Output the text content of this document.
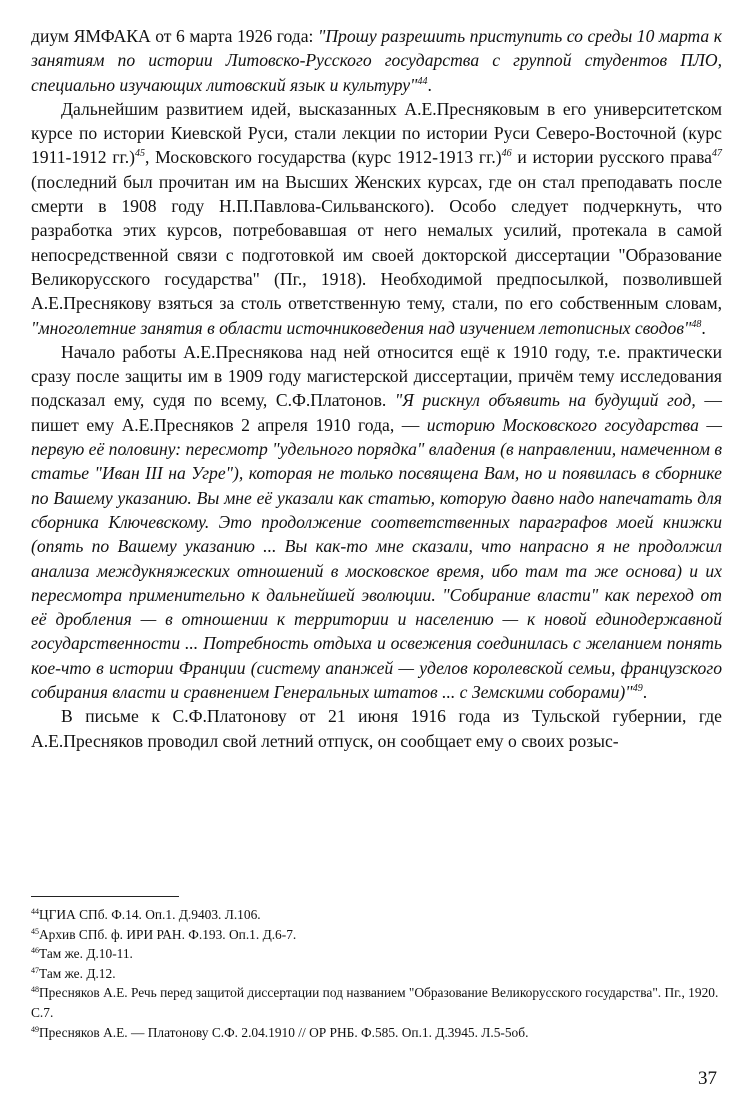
диум ЯМФАКА от 6 марта 1926 года: "Прошу разрешить приступить со среды 10 марта к занятиям по истории Литовско-Русского государства с группой студентов ПЛО, специально изучающих литовский язык и культуру"$^{44}$.

Дальнейшим развитием идей, высказанных А.Е.Пресняковым в его университетском курсе по истории Киевской Руси, стали лекции по истории Руси Северо-Восточной (курс 1911-1912 гг.)$^{45}$, Московского государства (курс 1912-1913 гг.)$^{46}$ и истории русского права$^{47}$ (последний был прочитан им на Высших Женских курсах, где он стал преподавать после смерти в 1908 году Н.П.Павлова-Сильванского). Особо следует подчеркнуть, что разработка этих курсов, потребовавшая от него немалых усилий, протекала в самой непосредственной связи с подготовкой им своей докторской диссертации "Образование Великорусского государства" (Пг., 1918). Необходимой предпосылкой, позволившей А.Е.Преснякову взяться за столь ответственную тему, стали, по его собственным словам, "многолетние занятия в области источниковедения над изучением летописных сводов"$^{48}$.

Начало работы А.Е.Преснякова над ней относится ещё к 1910 году, т.е. практически сразу после защиты им в 1909 году магистерской диссертации, причём тему исследования подсказал ему, судя по всему, С.Ф.Платонов. "Я рискнул объявить на будущий год, — пишет ему А.Е.Пресняков 2 апреля 1910 года, — историю Московского государства — первую её половину: пересмотр "удельного порядка" владения (в направлении, намеченном в статье "Иван III на Угре"), которая не только посвящена Вам, но и появилась в сборнике по Вашему указанию. Вы мне её указали как статью, которую давно надо напечатать для сборника Ключевскому. Это продолжение соответственных параграфов моей книжки (опять по Вашему указанию ... Вы как-то мне сказали, что напрасно я не продолжил анализа междукняжеских отношений в московское время, ибо там та же основа) и их пересмотра применительно к дальнейшей эволюции. "Собирание власти" как переход от её дробления — в отношении к территории и населению — к новой единодержавной государственности ... Потребность отдыха и освежения соединилась с желанием понять кое-что в истории Франции (систему апанжей — уделов королевской семьи, французского собирания власти и сравнением Генеральных штатов ... с Земскими соборами)"$^{49}$.

В письме к С.Ф.Платонову от 21 июня 1916 года из Тульской губернии, где А.Е.Пресняков проводил свой летний отпуск, он сообщает ему о своих розыс-

$^{44}$ЦГИА СПб. Ф.14. Оп.1. Д.9403. Л.106.

$^{45}$Архив СПб. ф. ИРИ РАН. Ф.193. Оп.1. Д.6-7.

$^{46}$Там же. Д.10-11.

$^{47}$Там же. Д.12.

$^{48}$Пресняков А.Е. Речь перед защитой диссертации под названием "Образование Великорусского государства". Пг., 1920. С.7.

$^{49}$Пресняков А.Е. — Платонову С.Ф. 2.04.1910 // ОР РНБ. Ф.585. Оп.1. Д.3945. Л.5-5об.

37
